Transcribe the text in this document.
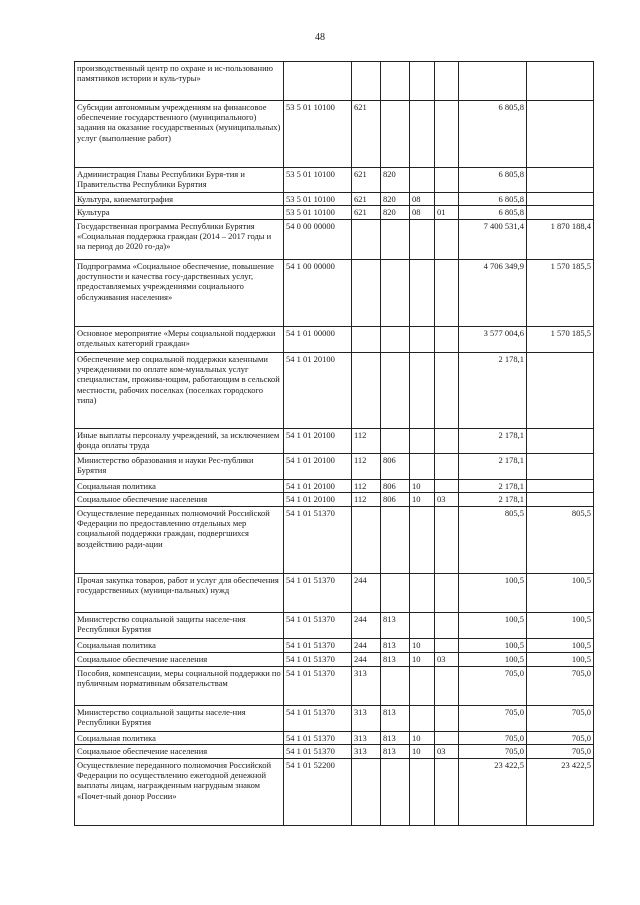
48
производственный центр по охране и ис-пользованию памятников истории и куль-туры»							
Субсидии автономным учреждениям на финансовое обеспечение государственного (муниципального) задания на оказание государственных (муниципальных) услуг (выполнение работ)	53 5 01 10100	621				6 805,8	
Администрация Главы Республики Буря-тия и Правительства Республики Бурятия	53 5 01 10100	621	820			6 805,8	
Культура, кинематография	53 5 01 10100	621	820	08		6 805,8	
Культура	53 5 01 10100	621	820	08	01	6 805,8	
Государственная программа Республики Бурятия «Социальная поддержка граждан (2014 – 2017 годы и на период до 2020 го-да)»	54 0 00 00000					7 400 531,4	1 870 188,4
Подпрограмма «Социальное обеспечение, повышение доступности и качества госу-дарственных услуг, предоставляемых учреждениями социального обслуживания населения»	54 1 00 00000					4 706 349,9	1 570 185,5
Основное мероприятие «Меры социальной поддержки отдельных категорий граждан»	54 1 01 00000					3 577 004,6	1 570 185,5
Обеспечение мер социальной поддержки казенными учреждениями по оплате ком-мунальных услуг специалистам, прожива-ющим, работающим в сельской местности, рабочих поселках (поселках городского типа)	54 1 01 20100					2 178,1	
Иные выплаты персоналу учреждений, за исключением фонда оплаты труда	54 1 01 20100	112				2 178,1	
Министерство образования и науки Рес-публики Бурятия	54 1 01 20100	112	806			2 178,1	
Социальная политика	54 1 01 20100	112	806	10		2 178,1	
Социальное обеспечение населения	54 1 01 20100	112	806	10	03	2 178,1	
Осуществление переданных полномочий Российской Федерации по предоставлению отдельных мер социальной поддержки граждан, подвергшихся воздействию ради-ации	54 1 01 51370					805,5	805,5
Прочая закупка товаров, работ и услуг для обеспечения государственных (муници-пальных) нужд	54 1 01 51370	244				100,5	100,5
Министерство социальной защиты населе-ния Республики Бурятия	54 1 01 51370	244	813			100,5	100,5
Социальная политика	54 1 01 51370	244	813	10		100,5	100,5
Социальное обеспечение населения	54 1 01 51370	244	813	10	03	100,5	100,5
Пособия, компенсации, меры социальной поддержки по публичным нормативным обязательствам	54 1 01 51370	313				705,0	705,0
Министерство социальной защиты населе-ния Республики Бурятия	54 1 01 51370	313	813			705,0	705,0
Социальная политика	54 1 01 51370	313	813	10		705,0	705,0
Социальное обеспечение населения	54 1 01 51370	313	813	10	03	705,0	705,0
Осуществление переданного полномочия Российской Федерации по осуществлению ежегодной денежной выплаты лицам, награжденным нагрудным знаком «Почет-ный донор России»	54 1 01 52200					23 422,5	23 422,5
